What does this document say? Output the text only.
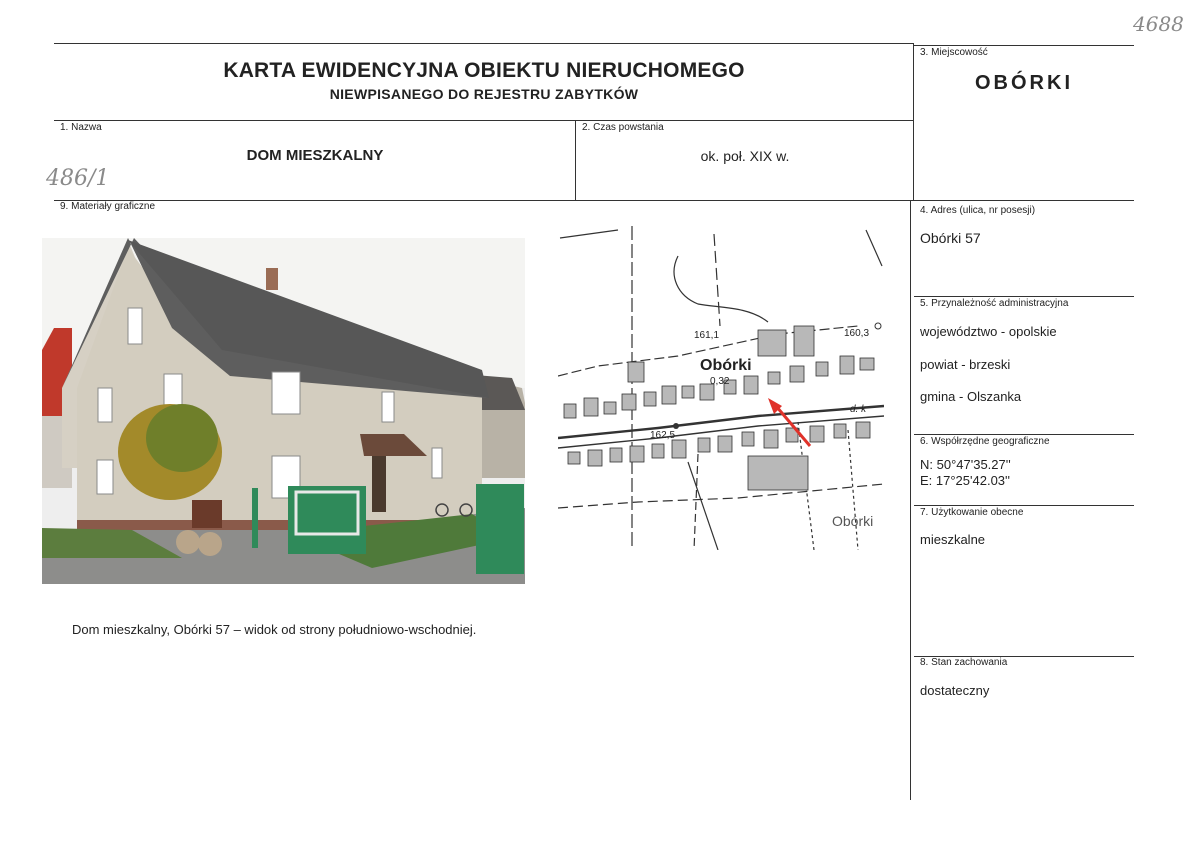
4688
486/1
KARTA EWIDENCYJNA OBIEKTU NIERUCHOMEGO
NIEWPISANEGO DO REJESTRU ZABYTKÓW
3. Miejscowość
OBÓRKI
1. Nazwa
DOM MIESZKALNY
2. Czas powstania
ok. poł. XIX w.
9. Materiały graficzne	4. Adres (ulica, nr posesji)
Obórki 57
5. Przynależność administracyjna
województwo - opolskie
powiat - brzeski
gmina - Olszanka
6. Współrzędne geograficzne
N: 50°47'35.27''
E: 17°25'42.03''
7. Użytkowanie obecne
mieszkalne
8. Stan zachowania
dostateczny
Obórki
0,32
161,1	160,3
162,5
d. k
Obórki
Dom mieszkalny, Obórki 57 – widok od strony południowo-wschodniej.
